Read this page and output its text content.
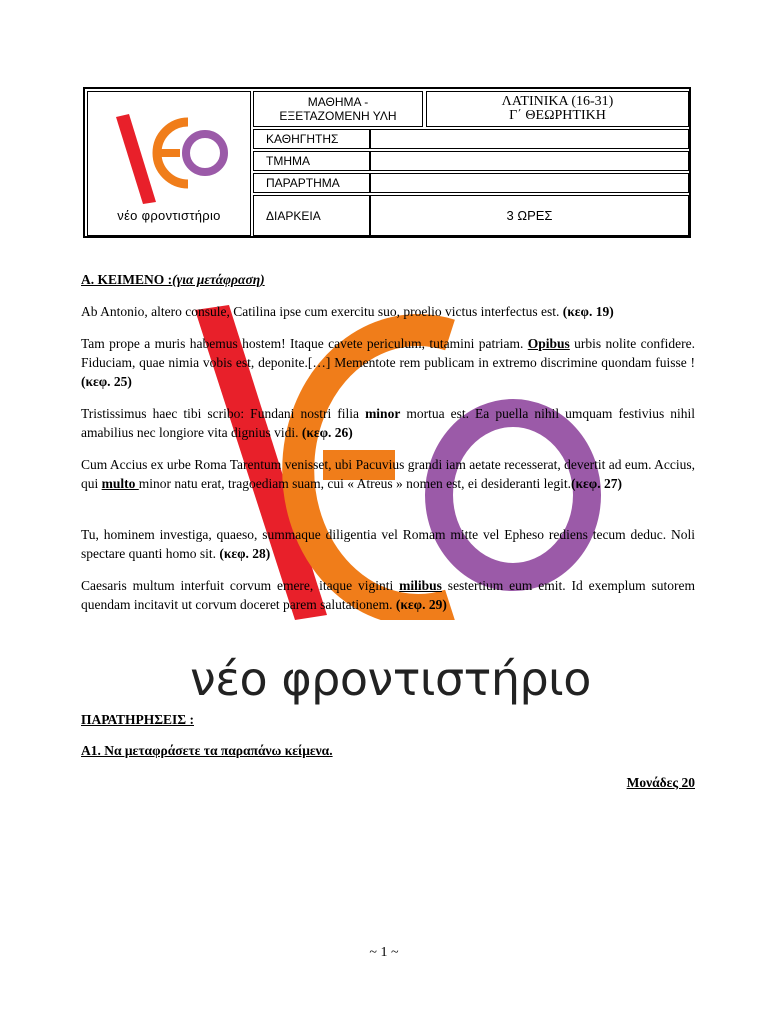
νέο φροντιστήριο
ΜΑΘΗΜΑ -
ΕΞΕΤΑΖΟΜΕΝΗ ΥΛΗ
ΛΑΤΙΝΙΚΑ (16-31)
Γ΄ ΘΕΩΡΗΤΙΚΗ
ΚΑΘΗΓΗΤΗΣ
ΤΜΗΜΑ
ΠΑΡΑΡΤΗΜΑ
ΔΙΑΡΚΕΙΑ	3 ΩΡΕΣ
Α. ΚΕΙΜΕΝΟ :(για μετάφραση)
Ab Antonio, altero consule, Catilina ipse cum exercitu suo, proelio victus interfectus est. (κεφ. 19)
Tam prope a muris habemus hostem! Itaque cavete periculum, tutamini patriam. Opibus urbis nolite confidere. Fiduciam, quae nimia vobis est, deponite.[…] Mementote rem publicam in extremo discrimine quondam fuisse ! (κεφ. 25)
Tristissimus haec tibi scribo: Fundani nostri filia minor mortua est. Ea puella nihil umquam festivius nihil amabilius nec longiore vita dignius vidi. (κεφ. 26)
Cum Accius ex urbe Roma Tarentum venisset, ubi Pacuvius grandi iam aetate recesserat, devertit ad eum. Accius, qui multo minor natu erat, tragoediam suam, cui « Atreus » nomen est, ei desideranti legit.(κεφ. 27)
Tu, hominem investiga, quaeso, summaque diligentia vel Romam mitte vel Epheso rediens tecum deduc. Noli spectare quanti homo sit. (κεφ. 28)
Caesaris multum interfuit corvum emere, itaque viginti milibus sestertium eum emit. Id exemplum sutorem quendam incitavit ut corvum doceret parem salutationem. (κεφ. 29)
νέο φροντιστήριο
ΠΑΡΑΤΗΡΗΣΕΙΣ :
Α1. Να μεταφράσετε τα παραπάνω κείμενα.
Μονάδες 20
~ 1 ~
